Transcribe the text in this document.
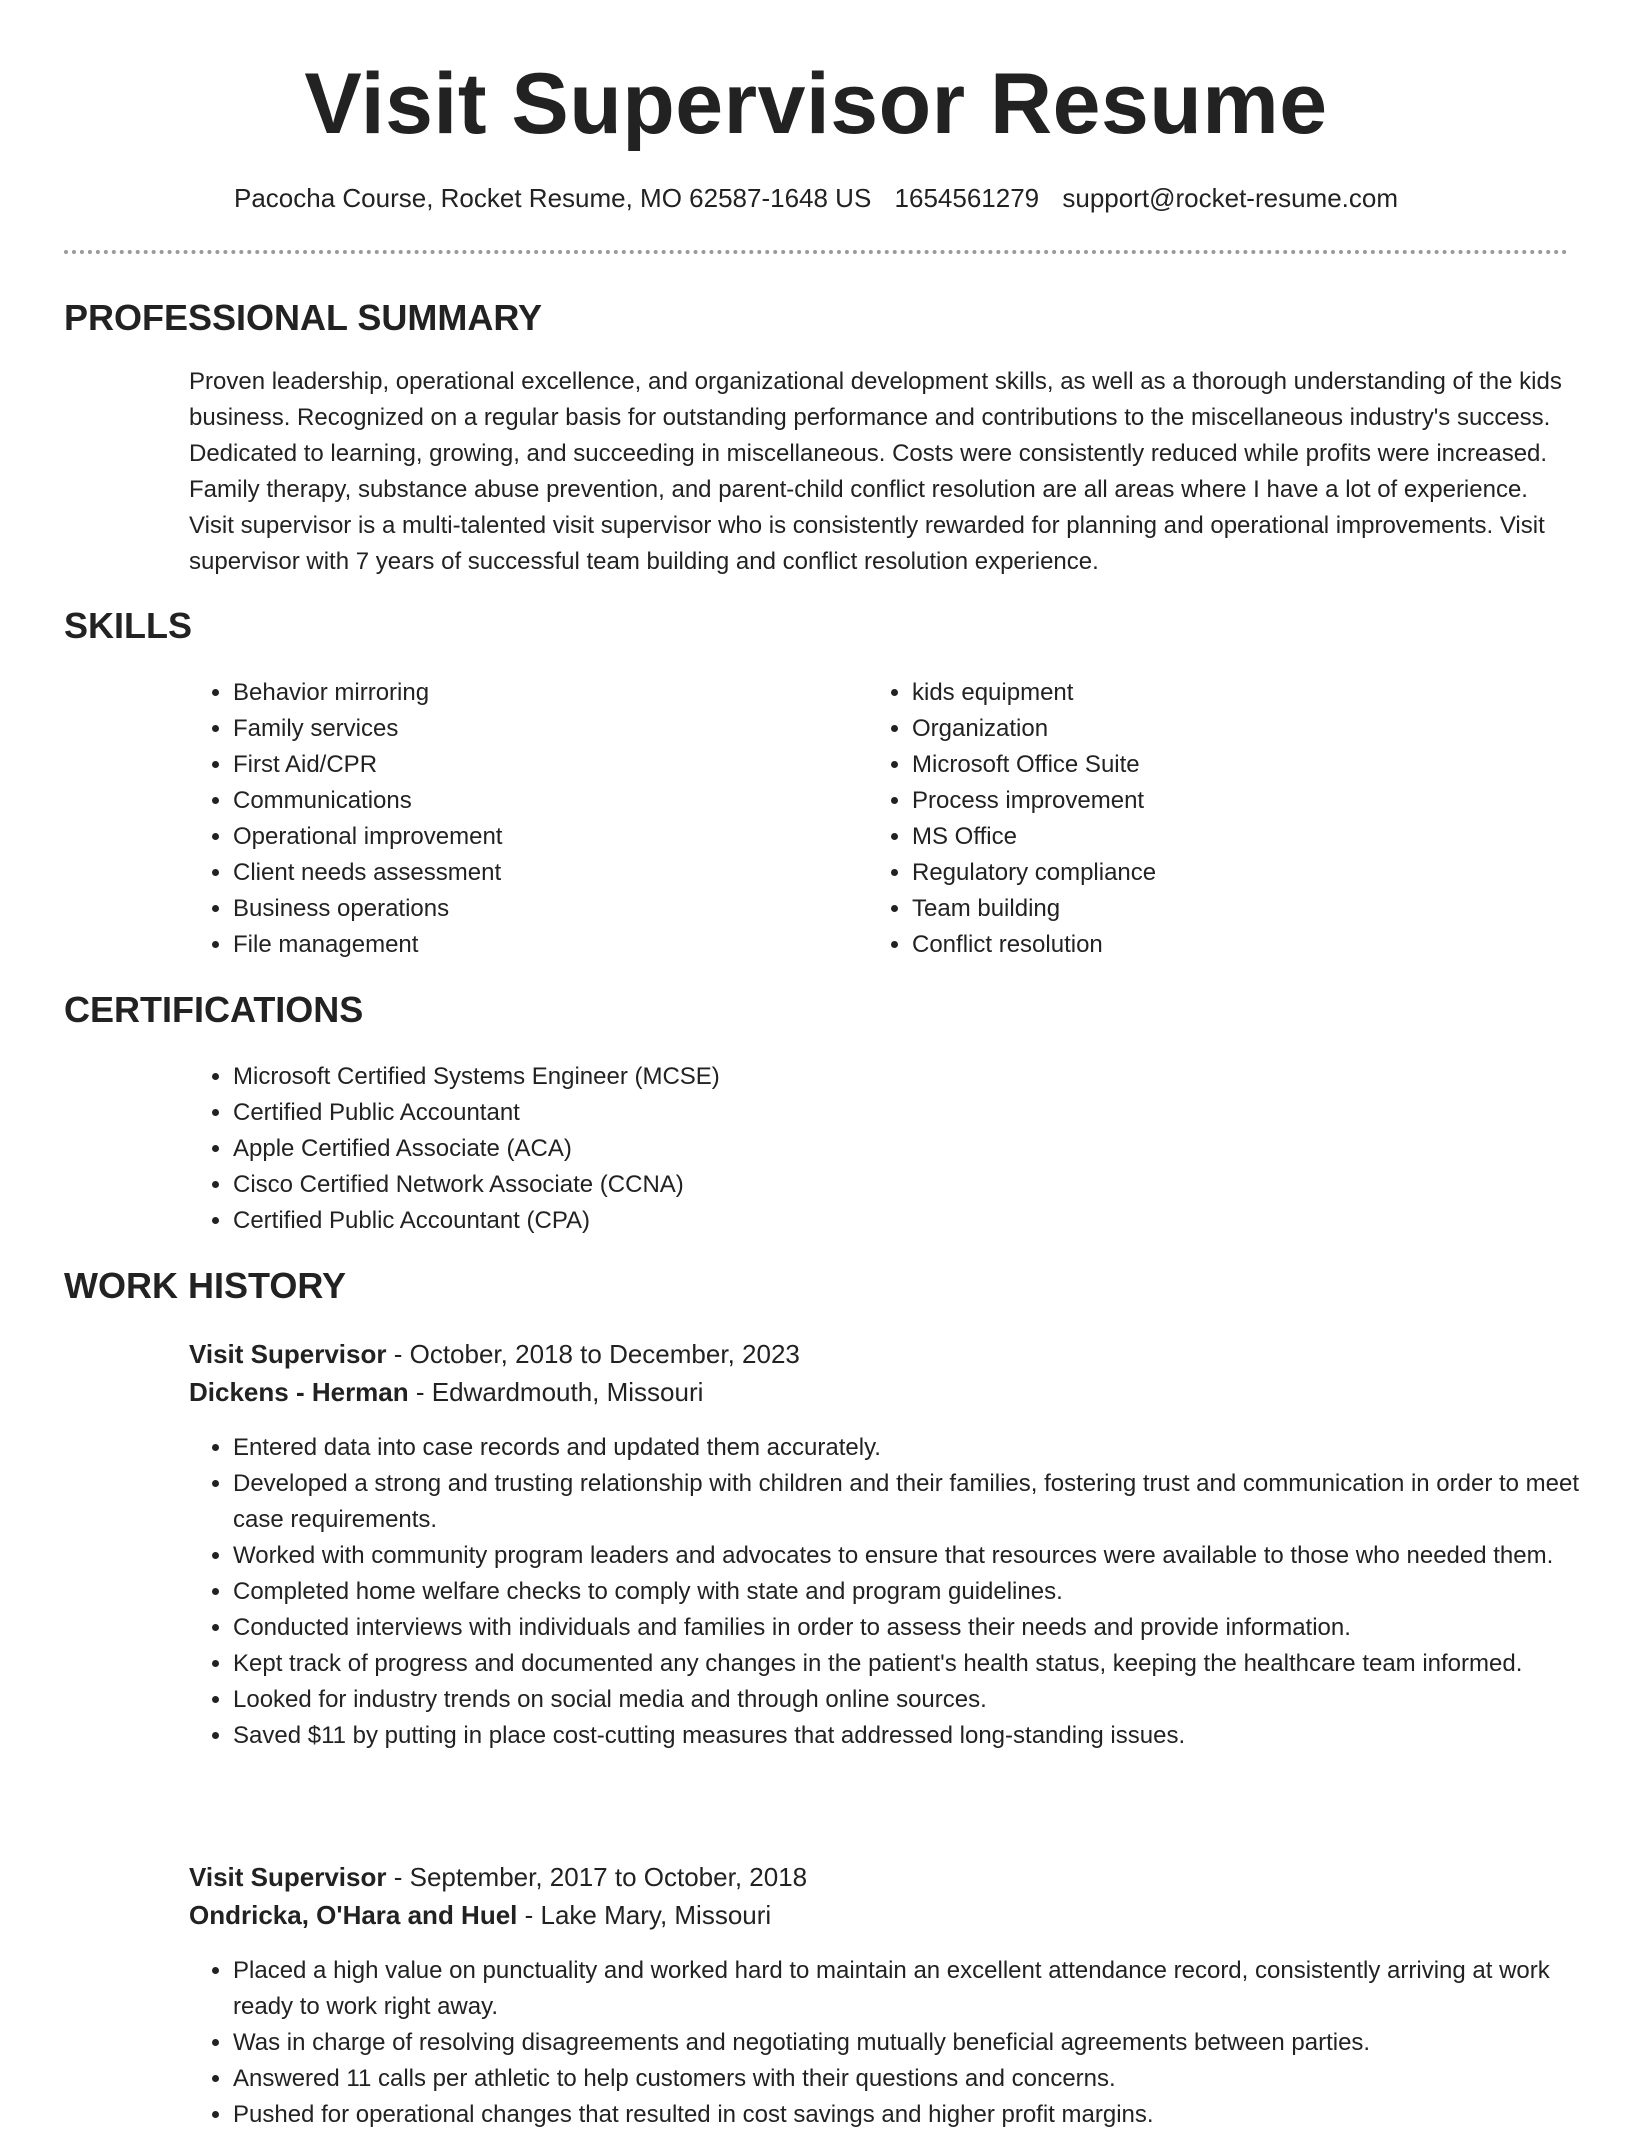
Visit Supervisor Resume
Pacocha Course, Rocket Resume, MO 62587-1648 US 1654561279 support@rocket-resume.com
PROFESSIONAL SUMMARY

Proven leadership, operational excellence, and organizational development skills, as well as a thorough understanding of the kids business. Recognized on a regular basis for outstanding performance and contributions to the miscellaneous industry's success. Dedicated to learning, growing, and succeeding in miscellaneous. Costs were consistently reduced while profits were increased. Family therapy, substance abuse prevention, and parent-child conflict resolution are all areas where I have a lot of experience. Visit supervisor is a multi-talented visit supervisor who is consistently rewarded for planning and operational improvements. Visit supervisor with 7 years of successful team building and conflict resolution experience.

SKILLS
• Behavior mirroring
• Family services
• First Aid/CPR
• Communications
• Operational improvement
• Client needs assessment
• Business operations
• File management
• kids equipment
• Organization
• Microsoft Office Suite
• Process improvement
• MS Office
• Regulatory compliance
• Team building
• Conflict resolution
CERTIFICATIONS
• Microsoft Certified Systems Engineer (MCSE)
• Certified Public Accountant
• Apple Certified Associate (ACA)
• Cisco Certified Network Associate (CCNA)
• Certified Public Accountant (CPA)
WORK HISTORY
Visit Supervisor - October, 2018 to December, 2023
Dickens - Herman - Edwardmouth, Missouri
• Entered data into case records and updated them accurately.
• Developed a strong and trusting relationship with children and their families, fostering trust and communication in order to meet case requirements.
• Worked with community program leaders and advocates to ensure that resources were available to those who needed them.
• Completed home welfare checks to comply with state and program guidelines.
• Conducted interviews with individuals and families in order to assess their needs and provide information.
• Kept track of progress and documented any changes in the patient's health status, keeping the healthcare team informed.
• Looked for industry trends on social media and through online sources.
• Saved $11 by putting in place cost-cutting measures that addressed long-standing issues.
Visit Supervisor - September, 2017 to October, 2018
Ondricka, O'Hara and Huel - Lake Mary, Missouri
• Placed a high value on punctuality and worked hard to maintain an excellent attendance record, consistently arriving at work ready to work right away.
• Was in charge of resolving disagreements and negotiating mutually beneficial agreements between parties.
• Answered 11 calls per athletic to help customers with their questions and concerns.
• Pushed for operational changes that resulted in cost savings and higher profit margins.
